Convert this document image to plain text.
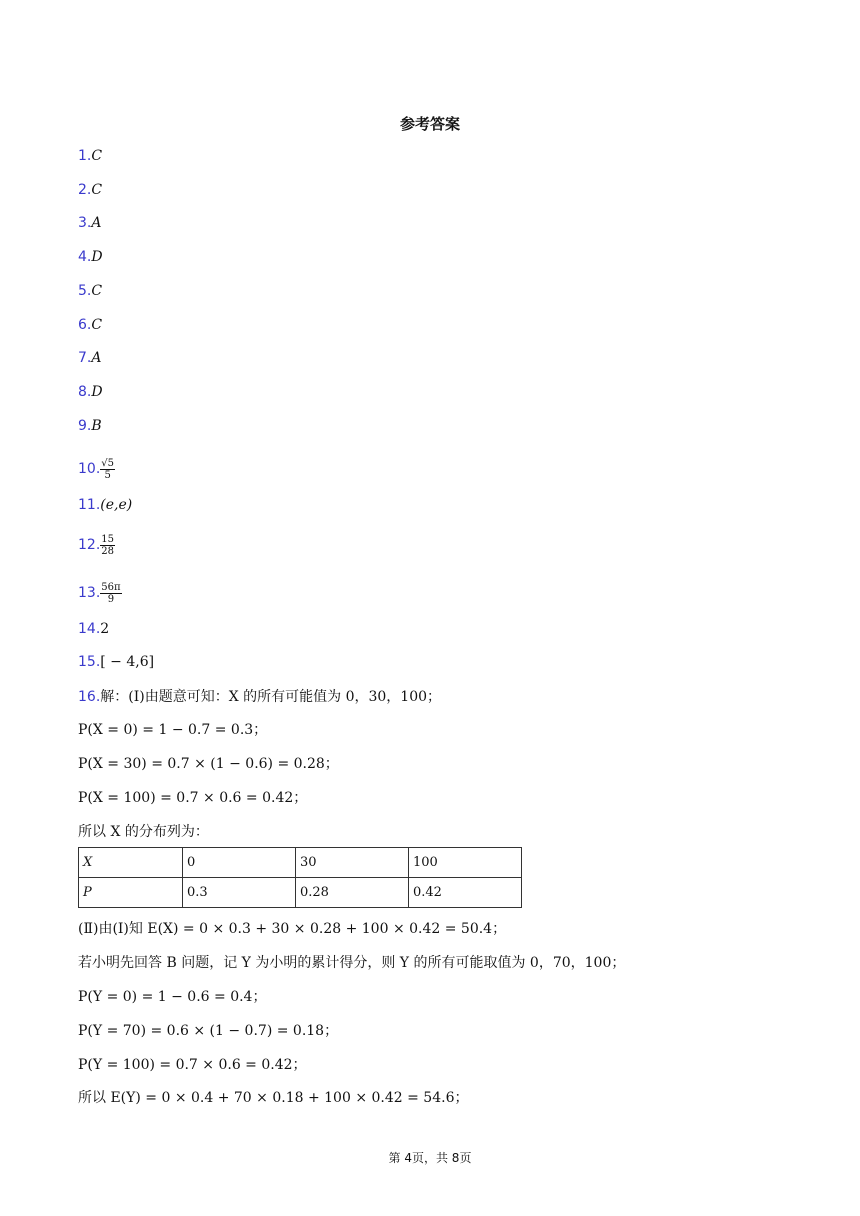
参考答案
1.C
2.C
3.A
4.D
5.C
6.C
7.A
8.D
9.B
10. $\frac{√5}{5}$
11.(e,e)
12. $\frac{15}{28}$
13. $\frac{56\pi}{9}$
14.2
15.[ − 4,6]
16.解：(Ⅰ)由题意可知：X 的所有可能值为 0，30，100；
P(X = 0) = 1 − 0.7 = 0.3；
P(X = 30) = 0.7 × (1 − 0.6) = 0.28；
P(X = 100) = 0.7 × 0.6 = 0.42；
所以 X 的分布列为：
X	0	30	100
P	0.3	0.28	0.42
(Ⅱ)由(Ⅰ)知 E(X) = 0 × 0.3 + 30 × 0.28 + 100 × 0.42 = 50.4；
若小明先回答 B 问题，记 Y 为小明的累计得分，则 Y 的所有可能取值为 0，70，100；
P(Y = 0) = 1 − 0.6 = 0.4；
P(Y = 70) = 0.6 × (1 − 0.7) = 0.18；
P(Y = 100) = 0.7 × 0.6 = 0.42；
所以 E(Y) = 0 × 0.4 + 70 × 0.18 + 100 × 0.42 = 54.6；
第 4页，共 8页
